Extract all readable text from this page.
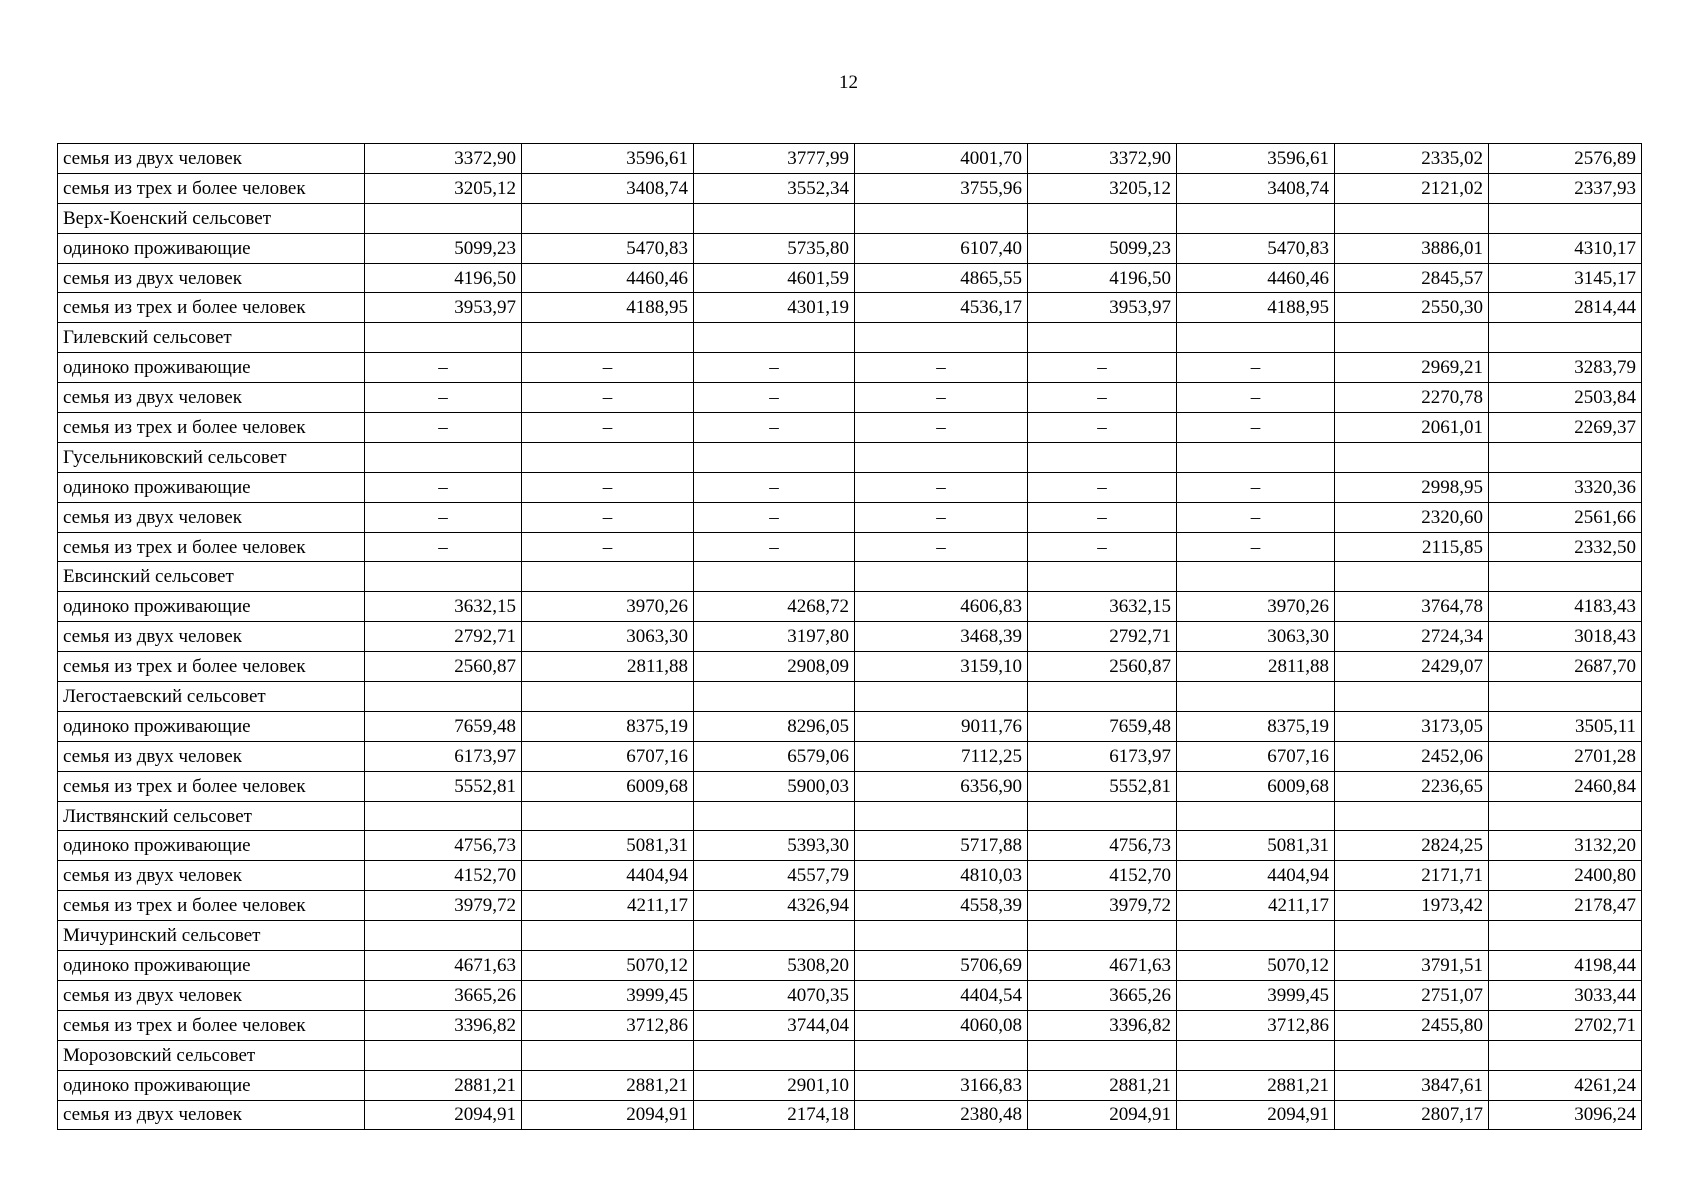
12
семья из двух человек	3372,90	3596,61	3777,99	4001,70	3372,90	3596,61	2335,02	2576,89
семья из трех и более человек	3205,12	3408,74	3552,34	3755,96	3205,12	3408,74	2121,02	2337,93
Верх-Коенский сельсовет								
одиноко проживающие	5099,23	5470,83	5735,80	6107,40	5099,23	5470,83	3886,01	4310,17
семья из двух человек	4196,50	4460,46	4601,59	4865,55	4196,50	4460,46	2845,57	3145,17
семья из трех и более человек	3953,97	4188,95	4301,19	4536,17	3953,97	4188,95	2550,30	2814,44
Гилевский сельсовет								
одиноко проживающие	–	–	–	–	–	–	2969,21	3283,79
семья из двух человек	–	–	–	–	–	–	2270,78	2503,84
семья из трех и более человек	–	–	–	–	–	–	2061,01	2269,37
Гусельниковский сельсовет								
одиноко проживающие	–	–	–	–	–	–	2998,95	3320,36
семья из двух человек	–	–	–	–	–	–	2320,60	2561,66
семья из трех и более человек	–	–	–	–	–	–	2115,85	2332,50
Евсинский сельсовет								
одиноко проживающие	3632,15	3970,26	4268,72	4606,83	3632,15	3970,26	3764,78	4183,43
семья из двух человек	2792,71	3063,30	3197,80	3468,39	2792,71	3063,30	2724,34	3018,43
семья из трех и более человек	2560,87	2811,88	2908,09	3159,10	2560,87	2811,88	2429,07	2687,70
Легостаевский сельсовет								
одиноко проживающие	7659,48	8375,19	8296,05	9011,76	7659,48	8375,19	3173,05	3505,11
семья из двух человек	6173,97	6707,16	6579,06	7112,25	6173,97	6707,16	2452,06	2701,28
семья из трех и более человек	5552,81	6009,68	5900,03	6356,90	5552,81	6009,68	2236,65	2460,84
Листвянский сельсовет								
одиноко проживающие	4756,73	5081,31	5393,30	5717,88	4756,73	5081,31	2824,25	3132,20
семья из двух человек	4152,70	4404,94	4557,79	4810,03	4152,70	4404,94	2171,71	2400,80
семья из трех и более человек	3979,72	4211,17	4326,94	4558,39	3979,72	4211,17	1973,42	2178,47
Мичуринский сельсовет								
одиноко проживающие	4671,63	5070,12	5308,20	5706,69	4671,63	5070,12	3791,51	4198,44
семья из двух человек	3665,26	3999,45	4070,35	4404,54	3665,26	3999,45	2751,07	3033,44
семья из трех и более человек	3396,82	3712,86	3744,04	4060,08	3396,82	3712,86	2455,80	2702,71
Морозовский сельсовет								
одиноко проживающие	2881,21	2881,21	2901,10	3166,83	2881,21	2881,21	3847,61	4261,24
семья из двух человек	2094,91	2094,91	2174,18	2380,48	2094,91	2094,91	2807,17	3096,24
